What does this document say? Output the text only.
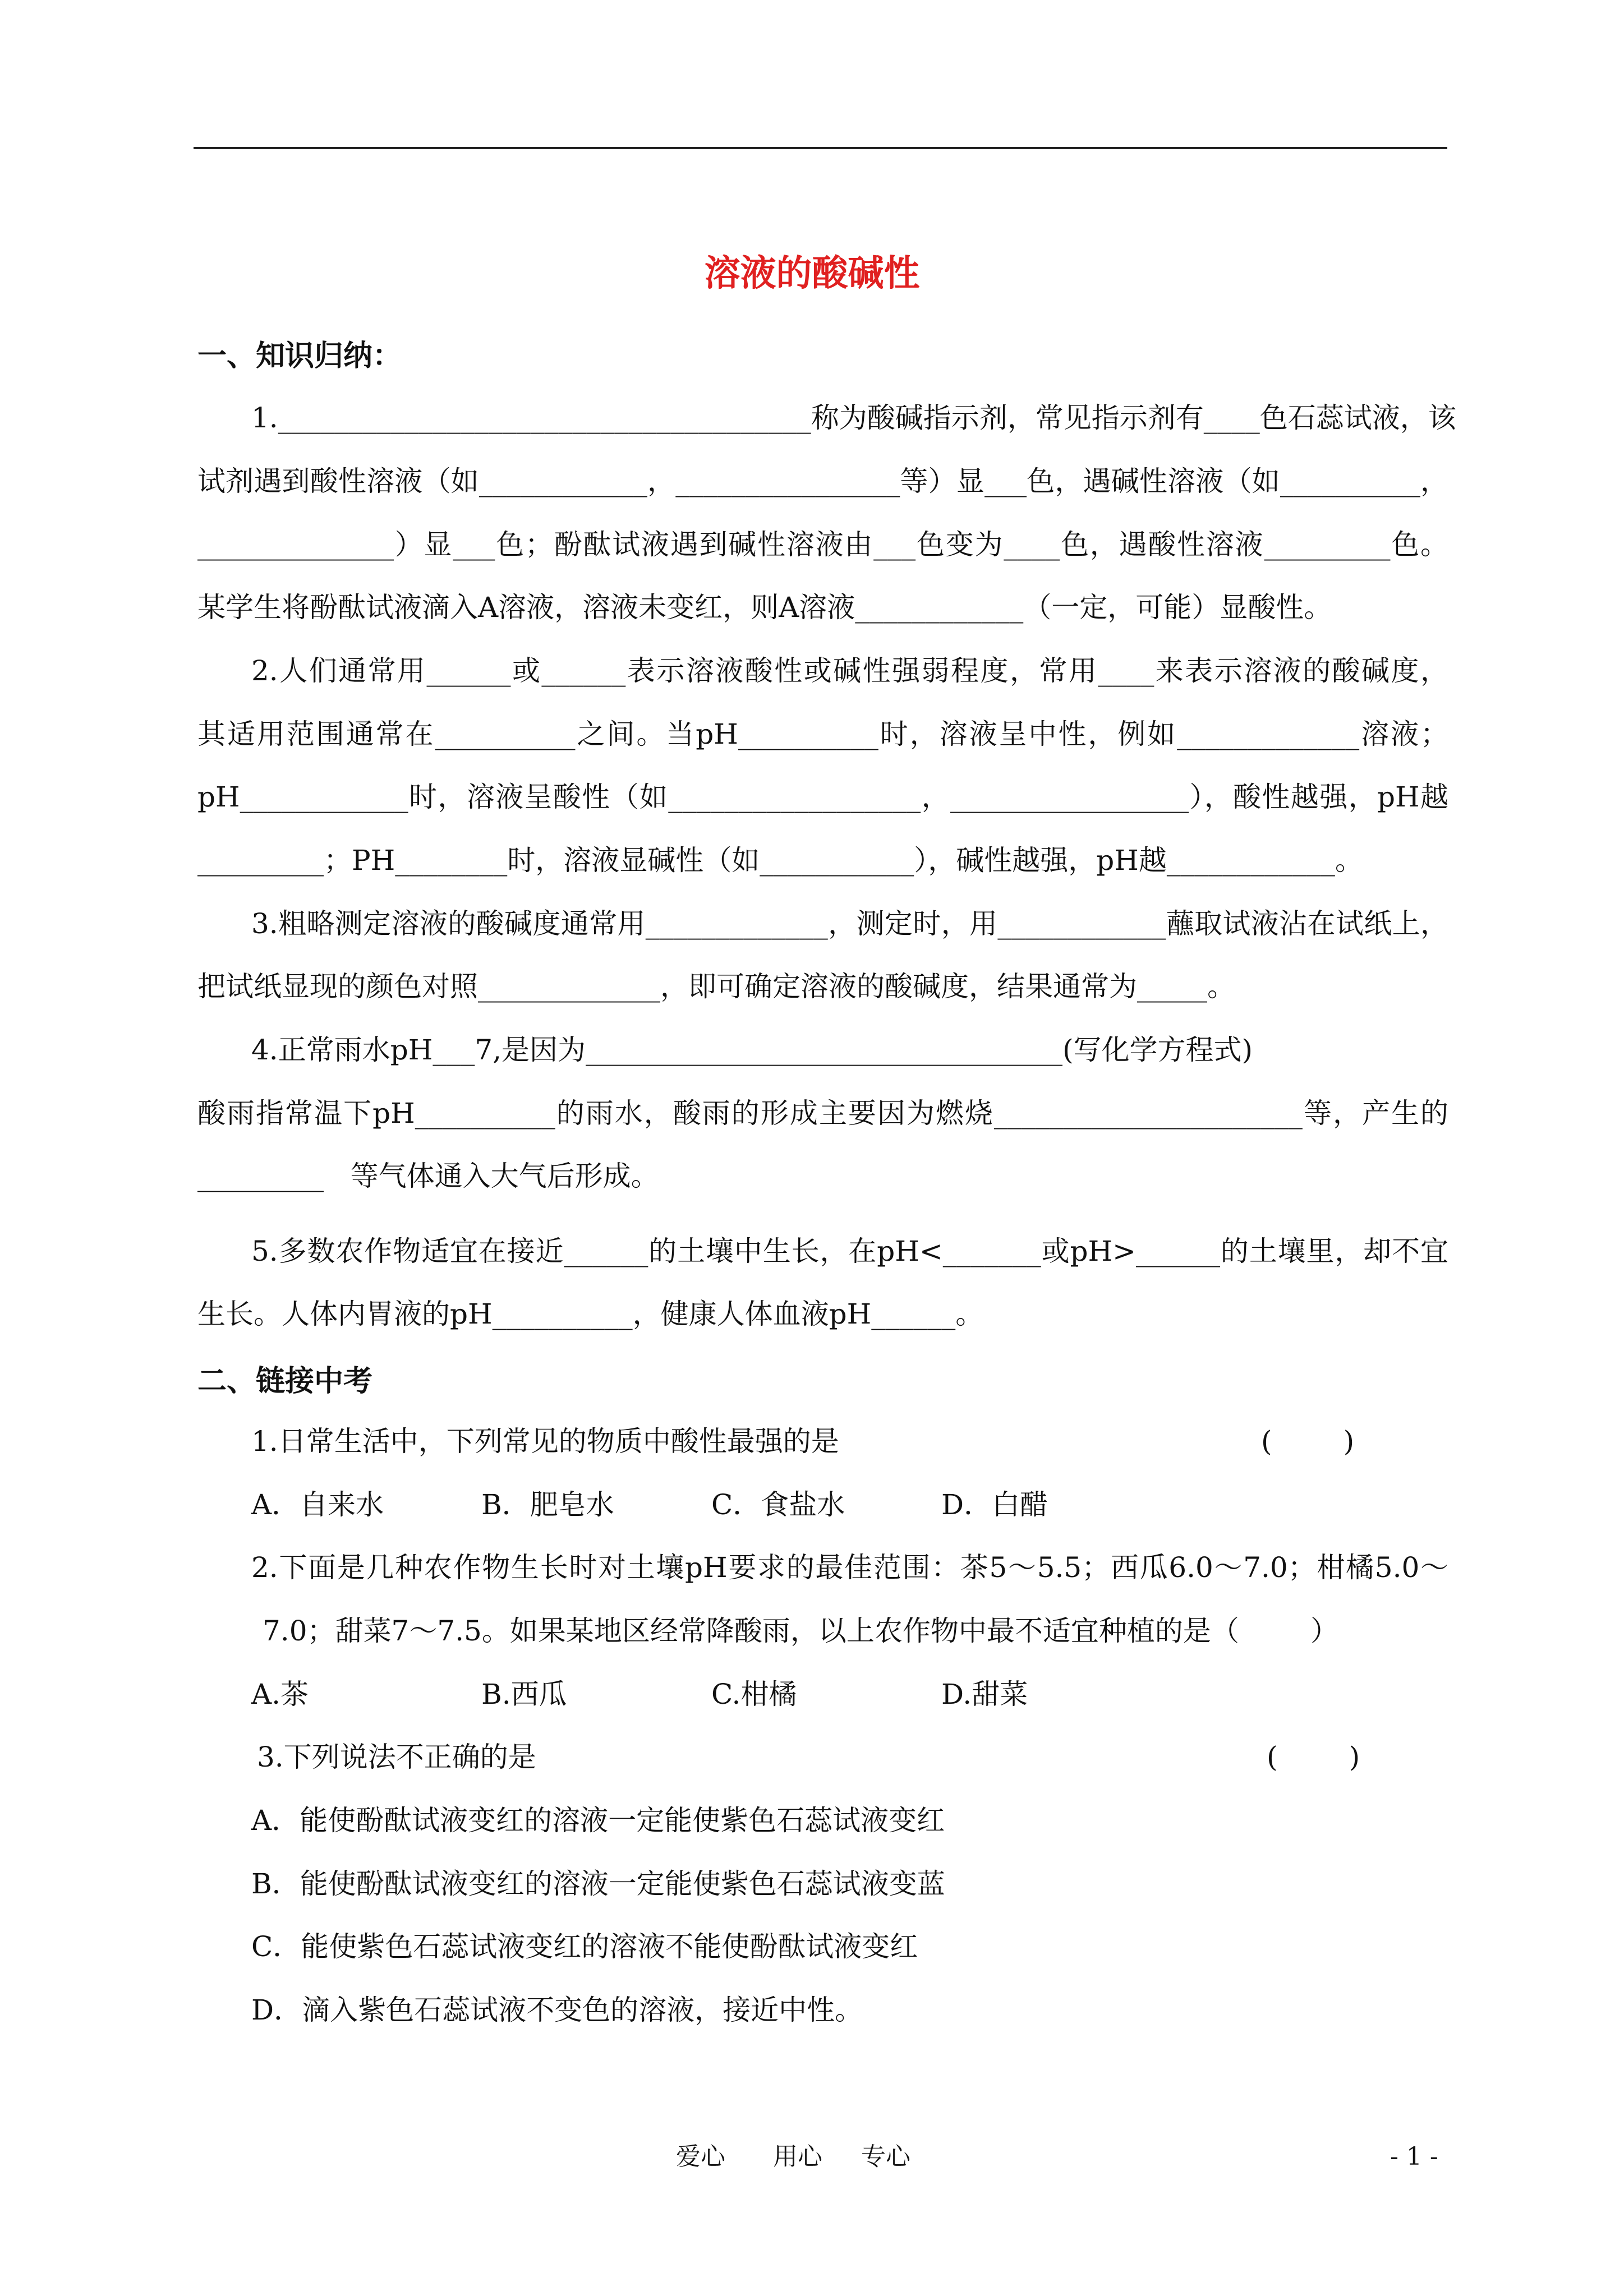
溶液的酸碱性
一、知识归纳：
1.______________________________________称为酸碱指示剂，常见指示剂有____色石蕊试液，该
试剂遇到酸性溶液（如____________，________________等）显___色，遇碱性溶液（如__________，
______________）显___色；酚酞试液遇到碱性溶液由___色变为____色，遇酸性溶液_________色。
某学生将酚酞试液滴入A溶液，溶液未变红，则A溶液____________（一定，可能）显酸性。
2.人们通常用______或______表示溶液酸性或碱性强弱程度，常用____来表示溶液的酸碱度，
其适用范围通常在__________之间。当pH__________时，溶液呈中性，例如_____________溶液；
pH____________时，溶液呈酸性（如__________________，_________________），酸性越强，pH越
_________；PH________时，溶液显碱性（如___________），碱性越强，pH越____________。
3.粗略测定溶液的酸碱度通常用_____________，测定时，用____________蘸取试液沾在试纸上，
把试纸显现的颜色对照_____________，即可确定溶液的酸碱度，结果通常为_____。
4.正常雨水pH___7,是因为__________________________________(写化学方程式)
酸雨指常温下pH__________的雨水，酸雨的形成主要因为燃烧______________________等，产生的
_________   等气体通入大气后形成。
5.多数农作物适宜在接近______的土壤中生长，在pH<_______或pH>______的土壤里，却不宜
生长。人体内胃液的pH__________，健康人体血液pH______。
二、链接中考
1.日常生活中，下列常见的物质中酸性最强的是	(        )
A．自来水	B．肥皂水	C．食盐水	D．白醋
2.下面是几种农作物生长时对土壤pH要求的最佳范围：茶5～5.5；西瓜6.0～7.0；柑橘5.0～
7.0；甜菜7～7.5。如果某地区经常降酸雨，以上农作物中最不适宜种植的是（        ）
A.茶	B.西瓜	C.柑橘	D.甜菜
3.下列说法不正确的是	(        )
A．能使酚酞试液变红的溶液一定能使紫色石蕊试液变红
B．能使酚酞试液变红的溶液一定能使紫色石蕊试液变蓝
C．能使紫色石蕊试液变红的溶液不能使酚酞试液变红
D．滴入紫色石蕊试液不变色的溶液，接近中性。
爱心 用心 专心	- 1 -
